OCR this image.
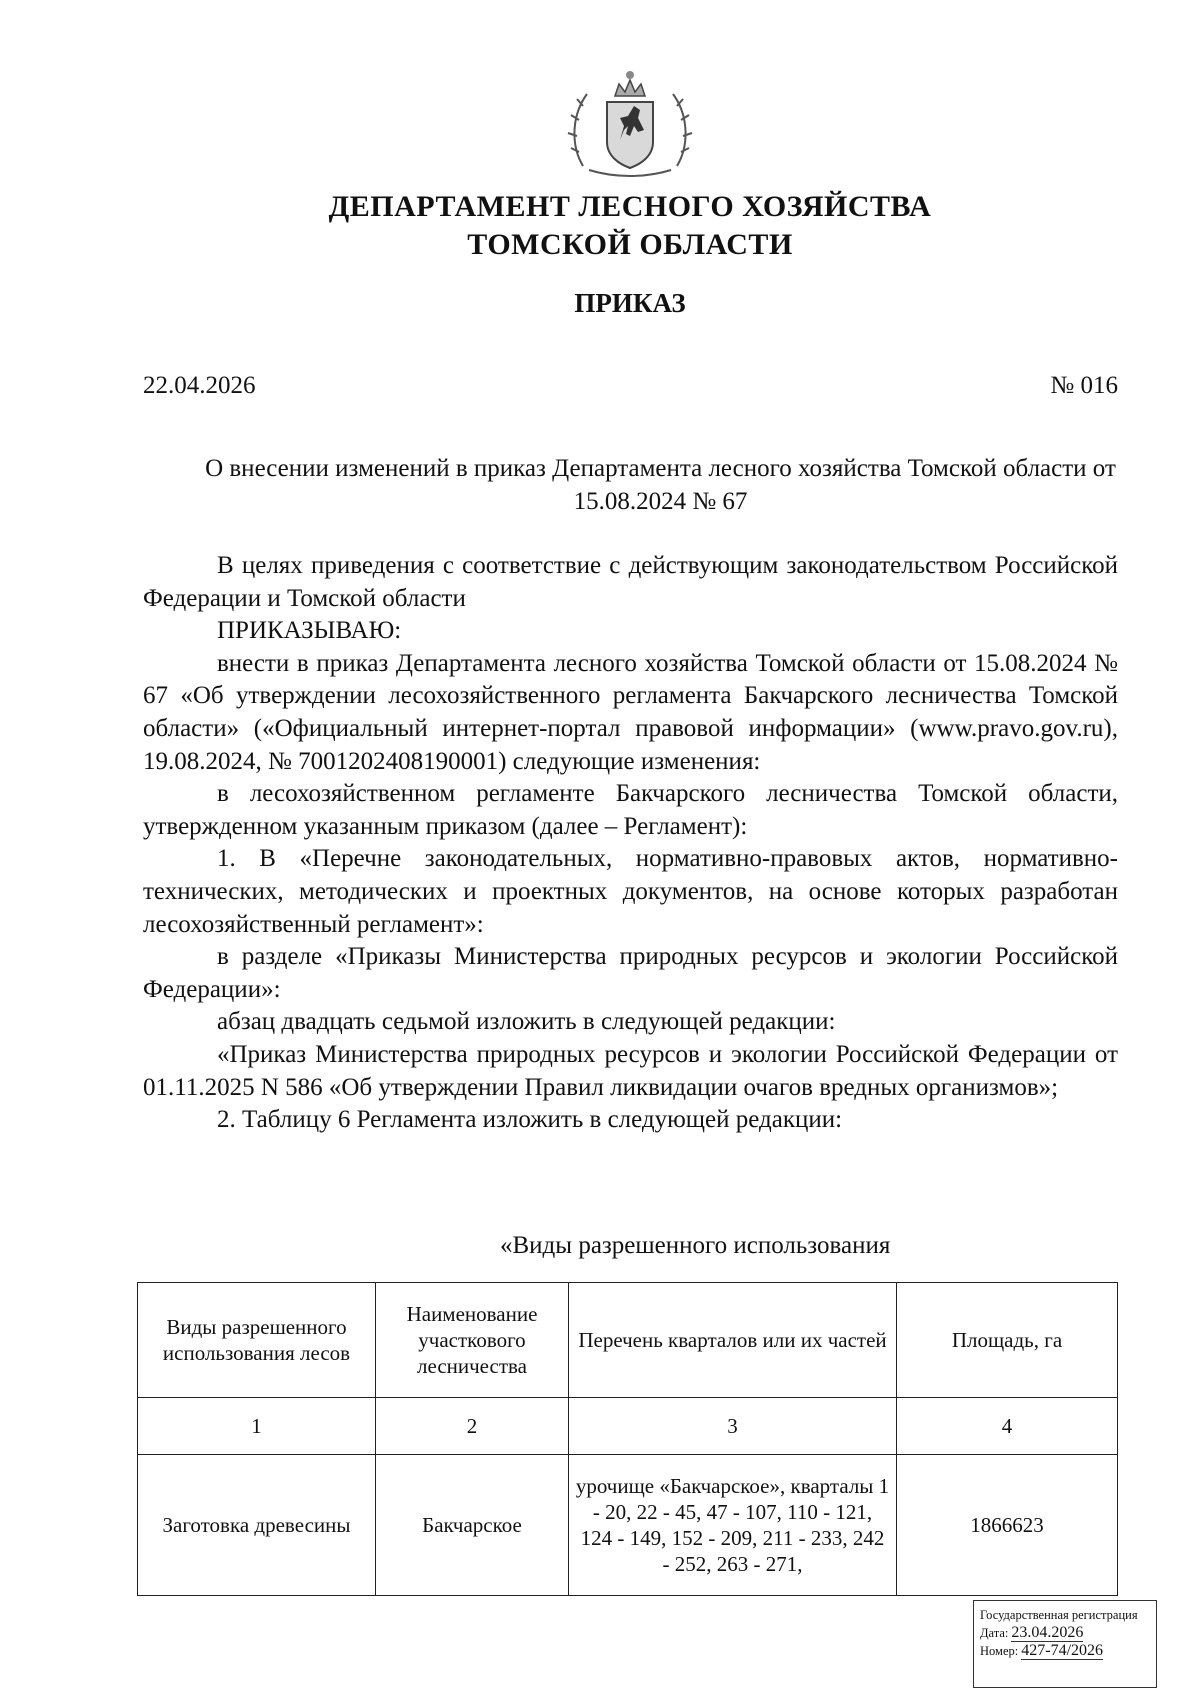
ДЕПАРТАМЕНТ ЛЕСНОГО ХОЗЯЙСТВА
ТОМСКОЙ ОБЛАСТИ
ПРИКАЗ
22.04.2026	№ 016
О внесении изменений в приказ Департамента лесного хозяйства Томской области от 15.08.2024 № 67

В целях приведения с соответствие с действующим законодательством Российской Федерации и Томской области

ПРИКАЗЫВАЮ:

внести в приказ Департамента лесного хозяйства Томской области от 15.08.2024 № 67 «Об утверждении лесохозяйственного регламента Бакчарского лесничества Томской области» («Официальный интернет-портал правовой информации» (www.pravo.gov.ru), 19.08.2024, № 7001202408190001) следующие изменения:

в лесохозяйственном регламенте Бакчарского лесничества Томской области, утвержденном указанным приказом (далее – Регламент):

1. В «Перечне законодательных, нормативно-правовых актов, нормативно-технических, методических и проектных документов, на основе которых разработан лесохозяйственный регламент»:

в разделе «Приказы Министерства природных ресурсов и экологии Российской Федерации»:

абзац двадцать седьмой изложить в следующей редакции:

«Приказ Министерства природных ресурсов и экологии Российской Федерации от 01.11.2025 N 586 «Об утверждении Правил ликвидации очагов вредных организмов»;

2. Таблицу 6 Регламента изложить в следующей редакции:

«Виды разрешенного использования
Виды разрешенного использования лесов	Наименование участкового лесничества	Перечень кварталов или их частей	Площадь, га
1	2	3	4
Заготовка древесины	Бакчарское	урочище «Бакчарское», кварталы 1 - 20, 22 - 45, 47 - 107, 110 - 121, 124 - 149, 152 - 209, 211 - 233, 242 - 252, 263 - 271,	1866623
Государственная регистрация
Дата: 23.04.2026
Номер: 427-74/2026
